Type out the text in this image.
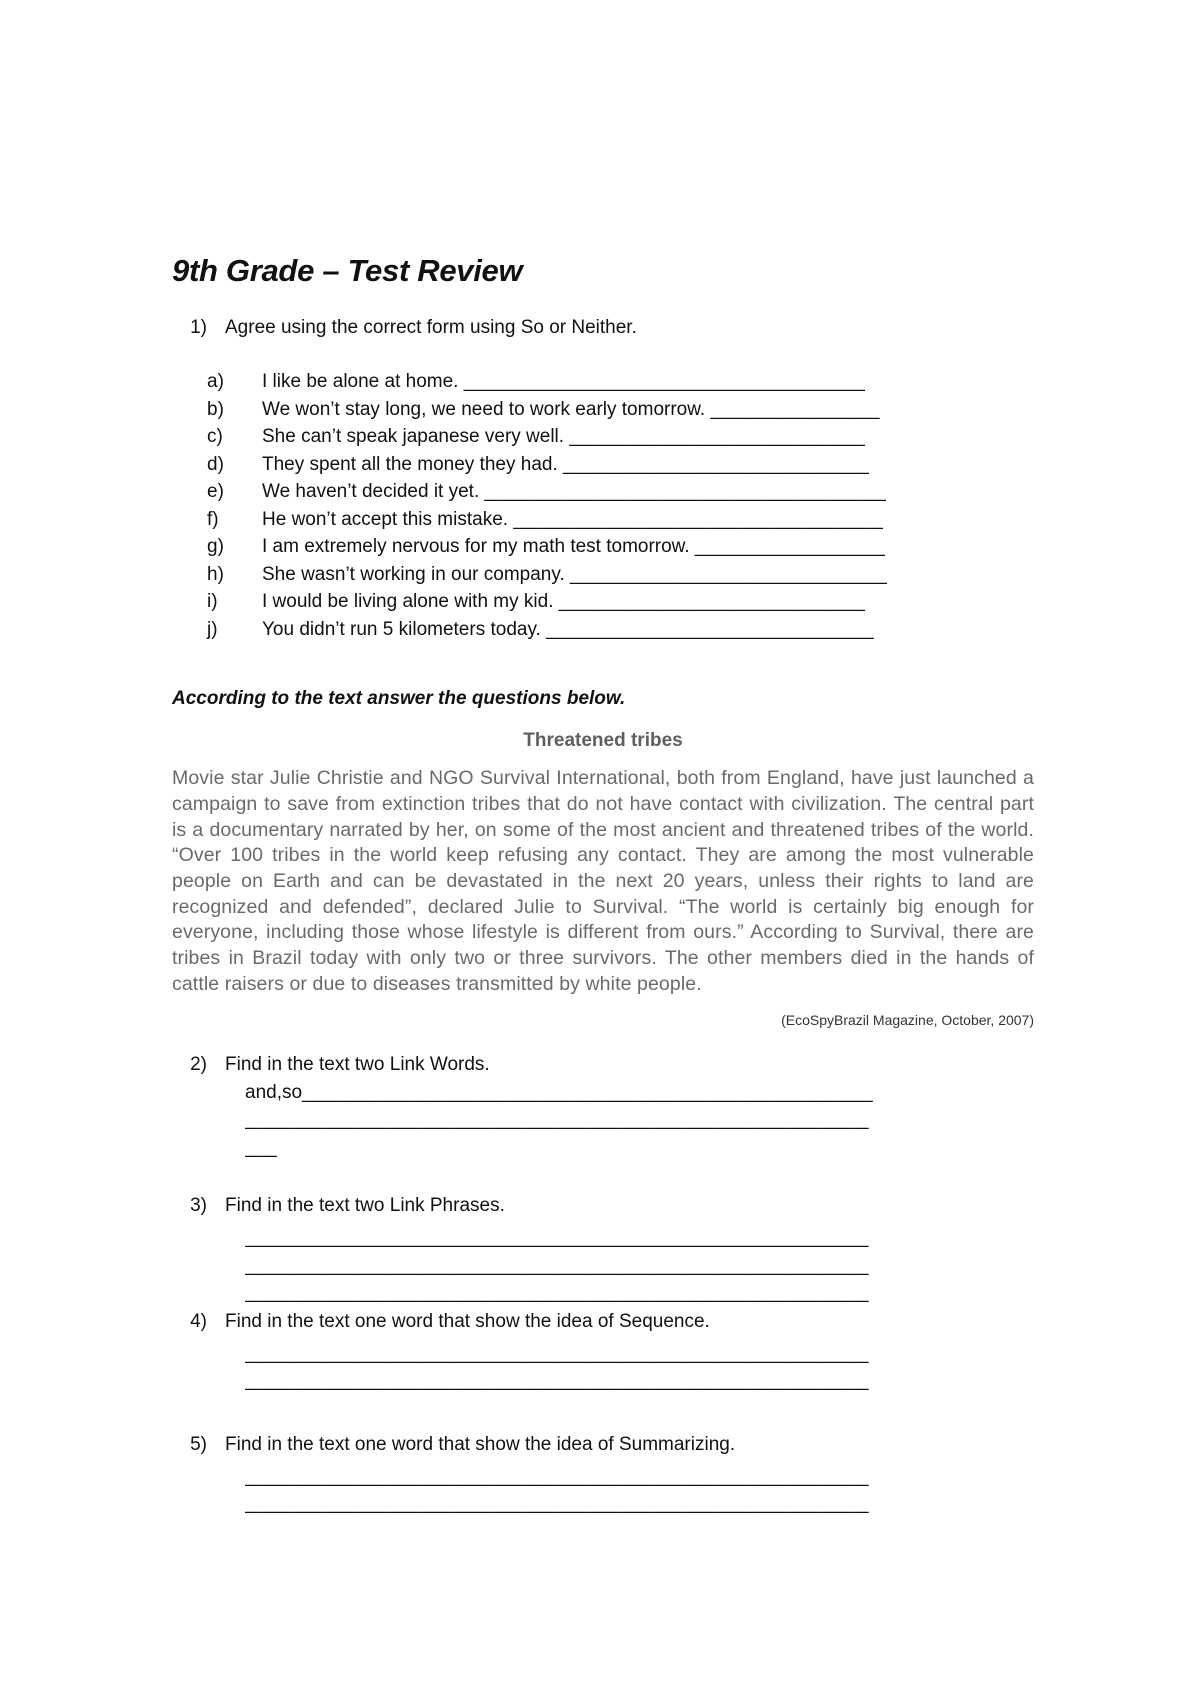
9th Grade – Test Review
1) Agree using the correct form using So or Neither.
a)	I like be alone at home. ______________________________________
b)	We won’t stay long, we need to work early tomorrow. ________________
c)	She can’t speak japanese very well. ____________________________
d)	They spent all the money they had. _____________________________
e)	We haven’t decided it yet. ______________________________________
f)	He won’t accept this mistake. ___________________________________
g)	I am extremely nervous for my math test tomorrow. __________________
h)	She wasn’t working in our company. ______________________________
i)	I would be living alone with my kid. _____________________________
j)	You didn’t run 5 kilometers today. _______________________________
According to the text answer the questions below.
Threatened tribes
Movie star Julie Christie and NGO Survival International, both from England, have just launched a campaign to save from extinction tribes that do not have contact with civilization. The central part is a documentary narrated by her, on some of the most ancient and threatened tribes of the world. “Over 100 tribes in the world keep refusing any contact. They are among the most vulnerable people on Earth and can be devastated in the next 20 years, unless their rights to land are recognized and defended”, declared Julie to Survival. “The world is certainly big enough for everyone, including those whose lifestyle is different from ours.” According to Survival, there are tribes in Brazil today with only two or three survivors. The other members died in the hands of cattle raisers or due to diseases transmitted by white people.
(EcoSpyBrazil Magazine, October, 2007)
2) Find in the text two Link Words.
and,so______________________________________________________
___________________________________________________________
___
3) Find in the text two Link Phrases.
___________________________________________________________
___________________________________________________________
___________________________________________________________
4) Find in the text one word that show the idea of Sequence.
___________________________________________________________
___________________________________________________________
5) Find in the text one word that show the idea of Summarizing.
___________________________________________________________
___________________________________________________________
